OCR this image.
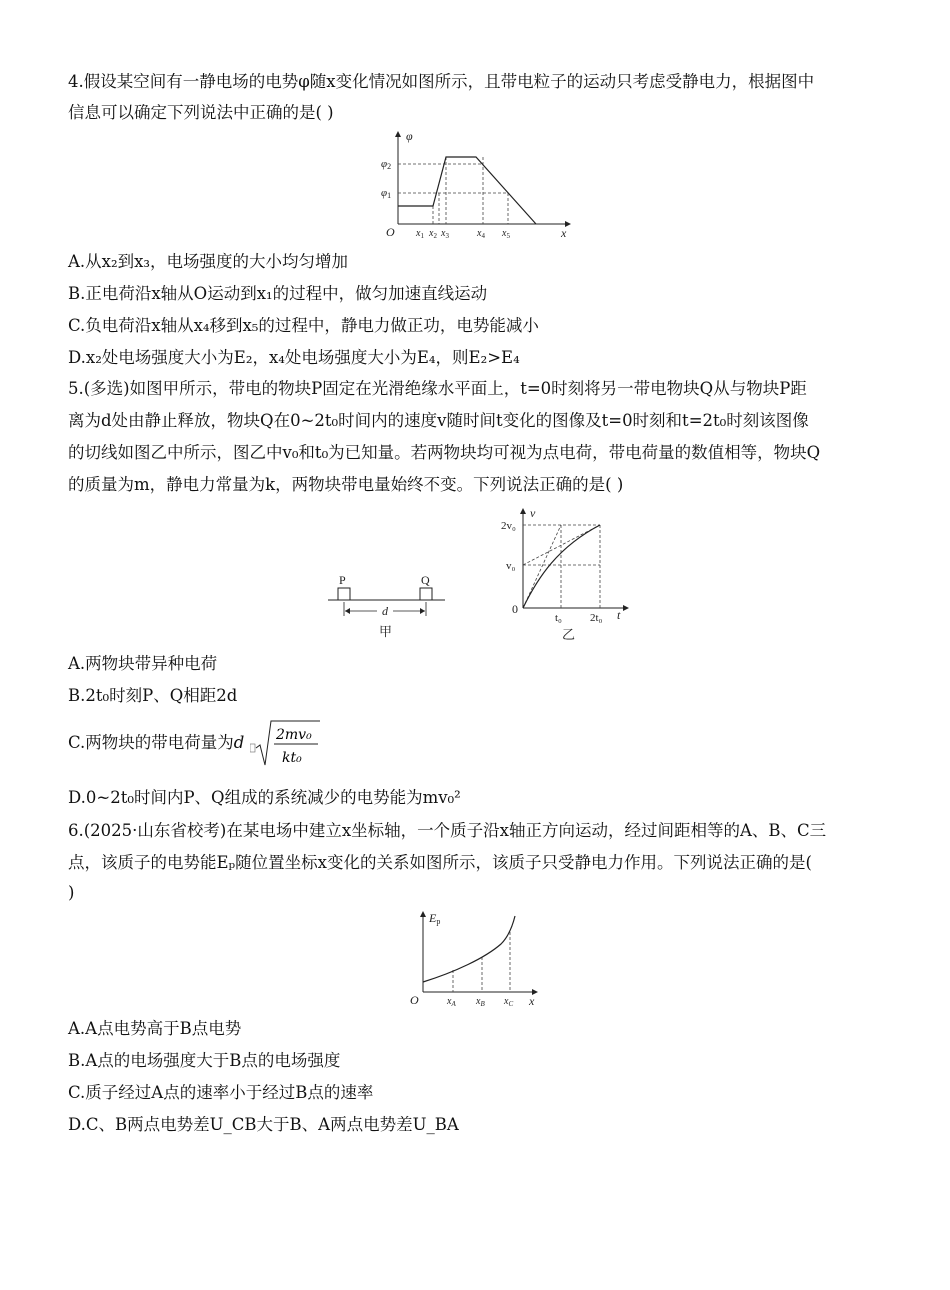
4.假设某空间有一静电场的电势φ随x变化情况如图所示，且带电粒子的运动只考虑受静电力，根据图中
信息可以确定下列说法中正确的是( )
φ
x
O
φ2
φ1
$x_1$ $x_2$ $x_3$	$x_4$ $x_5$
A.从x₂到x₃，电场强度的大小均匀增加
B.正电荷沿x轴从O运动到x₁的过程中，做匀加速直线运动
C.负电荷沿x轴从x₄移到x₅的过程中，静电力做正功，电势能减小
D.x₂处电场强度大小为E₂，x₄处电场强度大小为E₄，则E₂>E₄
5.(多选)如图甲所示，带电的物块P固定在光滑绝缘水平面上，t=0时刻将另一带电物块Q从与物块P距
离为d处由静止释放，物块Q在0~2t₀时间内的速度v随时间t变化的图像及t=0时刻和t=2t₀时刻该图像
的切线如图乙中所示，图乙中v₀和t₀为已知量。若两物块均可视为点电荷，带电荷量的数值相等，物块Q
的质量为m，静电力常量为k，两物块带电量始终不变。下列说法正确的是( )
P	Q
d
甲
v
t
0
2v₀
v₀
t₀	2t₀
乙
A.两物块带异种电荷
B.2t₀时刻P、Q相距2d
C.两物块的带电荷量为d 2mv₀
kt₀
D.0~2t₀时间内P、Q组成的系统减少的电势能为mv₀²
6.(2025·山东省校考)在某电场中建立x坐标轴，一个质子沿x轴正方向运动，经过间距相等的A、B、C三
点，该质子的电势能Eₚ随位置坐标x变化的关系如图所示，该质子只受静电力作用。下列说法正确的是(
)
Ep
x
O	$x_A$ $x_B$ $x_C$
A.A点电势高于B点电势
B.A点的电场强度大于B点的电场强度
C.质子经过A点的速率小于经过B点的速率
D.C、B两点电势差U_CB大于B、A两点电势差U_BA
